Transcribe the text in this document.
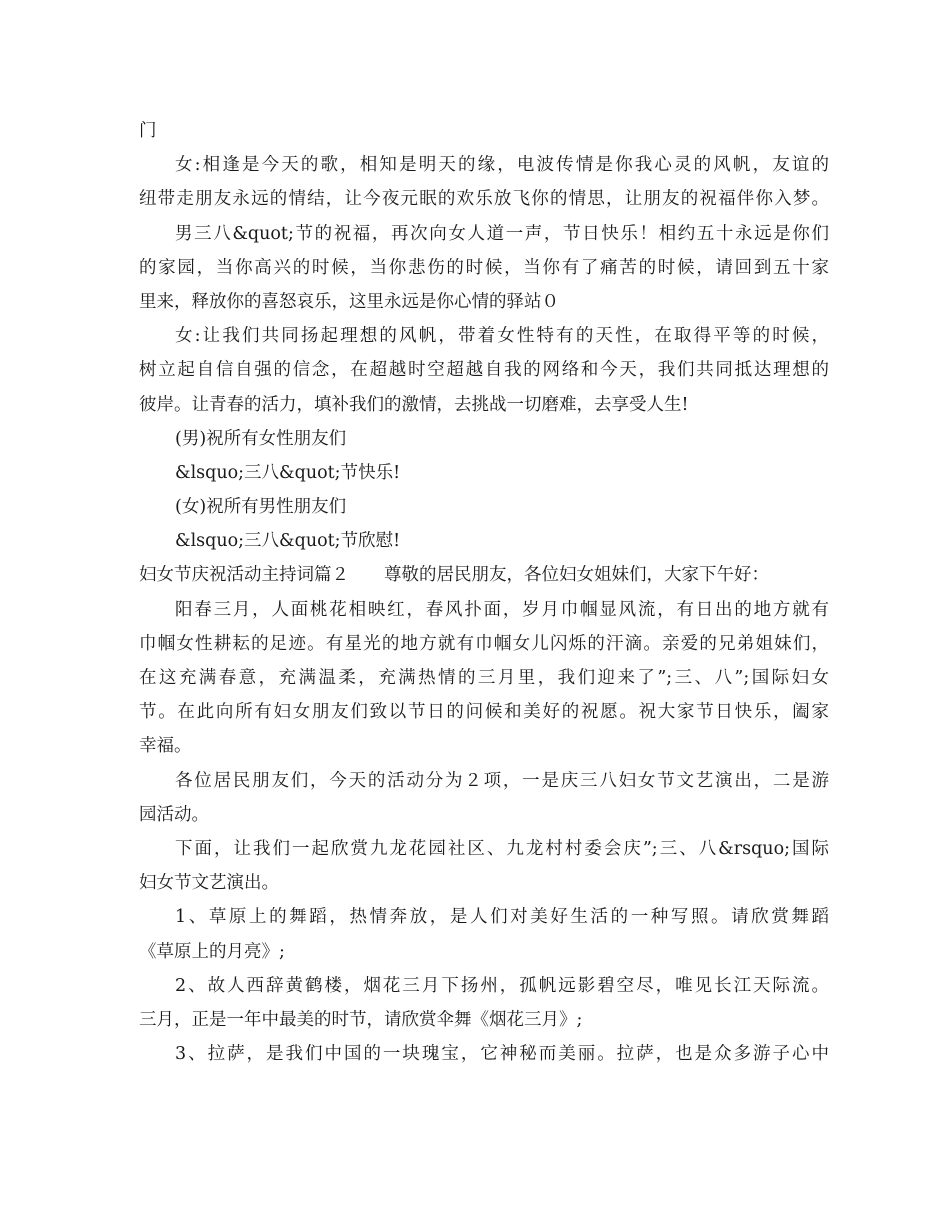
门
女:相逢是今天的歌，相知是明天的缘，电波传情是你我心灵的风帆，友谊的
纽带走朋友永远的情结，让今夜元眠的欢乐放飞你的情思，让朋友的祝福伴你入梦。
男三八&quot;节的祝福，再次向女人道一声，节日快乐！相约五十永远是你们
的家园，当你高兴的时候，当你悲伤的时候，当你有了痛苦的时候，请回到五十家
里来，释放你的喜怒哀乐，这里永远是你心情的驿站０
女:让我们共同扬起理想的风帆，带着女性特有的天性，在取得平等的时候，
树立起自信自强的信念，在超越时空超越自我的网络和今天，我们共同抵达理想的
彼岸。让青春的活力，填补我们的激情，去挑战一切磨难，去享受人生!
(男)祝所有女性朋友们
&lsquo;三八&quot;节快乐!
(女)祝所有男性朋友们
&lsquo;三八&quot;节欣慰!
妇女节庆祝活动主持词篇２　　尊敬的居民朋友，各位妇女姐妹们，大家下午好：
阳春三月，人面桃花相映红，春风扑面，岁月巾帼显风流，有日出的地方就有
巾帼女性耕耘的足迹。有星光的地方就有巾帼女儿闪烁的汗滴。亲爱的兄弟姐妹们，
在这充满春意，充满温柔，充满热情的三月里，我们迎来了”;三、八”;国际妇女
节。在此向所有妇女朋友们致以节日的问候和美好的祝愿。祝大家节日快乐，阖家
幸福。
各位居民朋友们，今天的活动分为２项，一是庆三八妇女节文艺演出，二是游
园活动。
下面，让我们一起欣赏九龙花园社区、九龙村村委会庆”;三、八&rsquo;国际
妇女节文艺演出。
1、草原上的舞蹈，热情奔放，是人们对美好生活的一种写照。请欣赏舞蹈
《草原上的月亮》;
2、故人西辞黄鹤楼，烟花三月下扬州，孤帆远影碧空尽，唯见长江天际流。
三月，正是一年中最美的时节，请欣赏伞舞《烟花三月》;
3、拉萨，是我们中国的一块瑰宝，它神秘而美丽。拉萨，也是众多游子心中
